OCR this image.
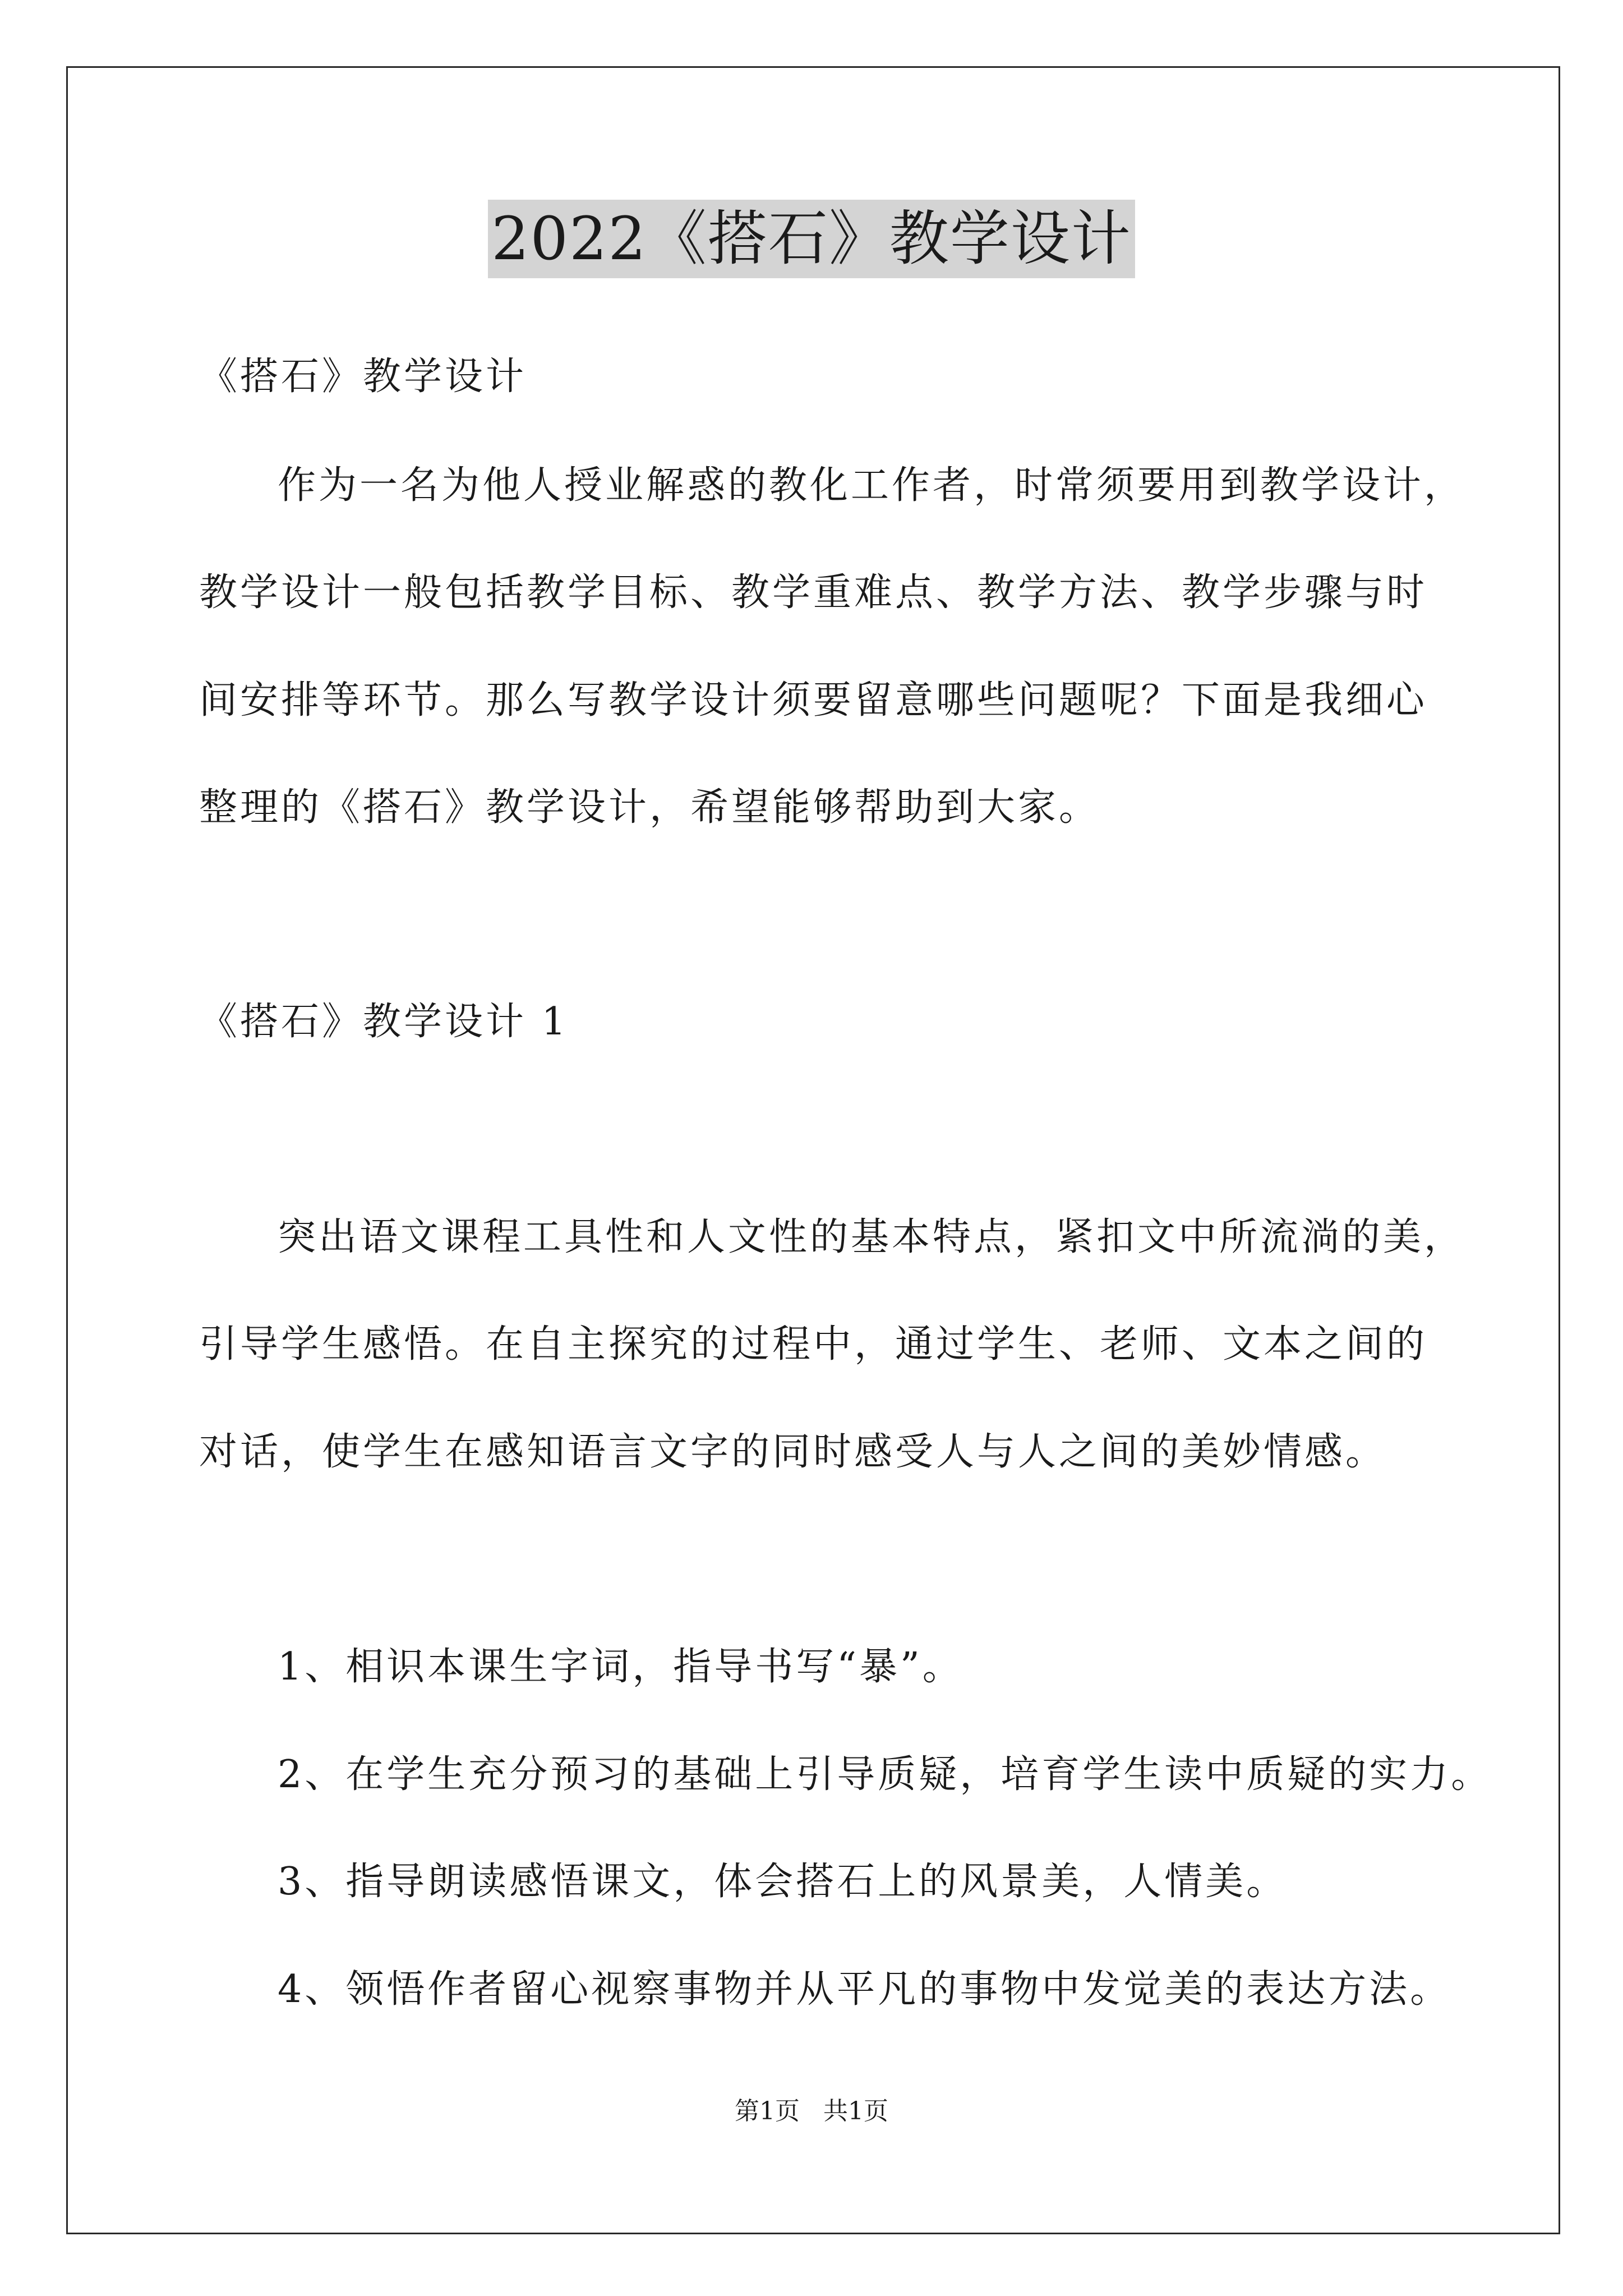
2022《搭石》教学设计
《搭石》教学设计
作为一名为他人授业解惑的教化工作者，时常须要用到教学设计，
教学设计一般包括教学目标、教学重难点、教学方法、教学步骤与时
间安排等环节。那么写教学设计须要留意哪些问题呢？下面是我细心
整理的《搭石》教学设计，希望能够帮助到大家。
《搭石》教学设计 1
突出语文课程工具性和人文性的基本特点，紧扣文中所流淌的美，
引导学生感悟。在自主探究的过程中，通过学生、老师、文本之间的
对话，使学生在感知语言文字的同时感受人与人之间的美妙情感。
1、相识本课生字词，指导书写“暴”。
2、在学生充分预习的基础上引导质疑，培育学生读中质疑的实力。
3、指导朗读感悟课文，体会搭石上的风景美，人情美。
4、领悟作者留心视察事物并从平凡的事物中发觉美的表达方法。
第1页   共1页
